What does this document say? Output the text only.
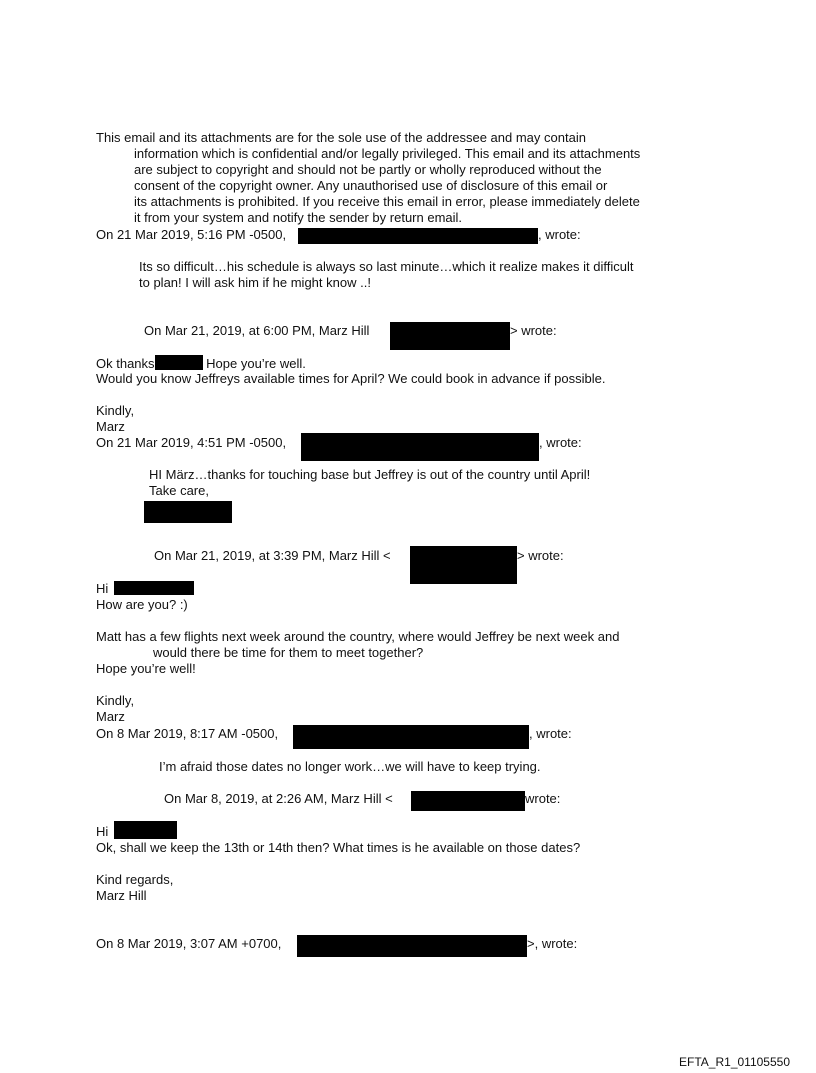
This email and its attachments are for the sole use of the addressee and may contain
information which is confidential and/or legally privileged. This email and its attachments
are subject to copyright and should not be partly or wholly reproduced without the
consent of the copyright owner. Any unauthorised use of disclosure of this email or
its attachments is prohibited. If you receive this email in error, please immediately delete
it from your system and notify the sender by return email.
On 21 Mar 2019, 5:16 PM -0500,	, wrote:
Its so difficult…his schedule is always so last minute…which it realize makes it difficult
to plan! I will ask him if he might know ..!
On Mar 21, 2019, at 6:00 PM, Marz Hill	> wrote:
Ok thanks	Hope you’re well.
Would you know Jeffreys available times for April? We could book in advance if possible.
Kindly,
Marz
On 21 Mar 2019, 4:51 PM -0500,	, wrote:
HI März…thanks for touching base but Jeffrey is out of the country until April!
Take care,
On Mar 21, 2019, at 3:39 PM, Marz Hill <	> wrote:
Hi
How are you? :)
Matt has a few flights next week around the country, where would Jeffrey be next week and
would there be time for them to meet together?
Hope you’re well!
Kindly,
Marz
On 8 Mar 2019, 8:17 AM -0500,	, wrote:
I’m afraid those dates no longer work…we will have to keep trying.
On Mar 8, 2019, at 2:26 AM, Marz Hill <	wrote:
Hi
Ok, shall we keep the 13th or 14th then? What times is he available on those dates?
Kind regards,
Marz Hill
On 8 Mar 2019, 3:07 AM +0700,	>, wrote:
EFTA_R1_01105550
